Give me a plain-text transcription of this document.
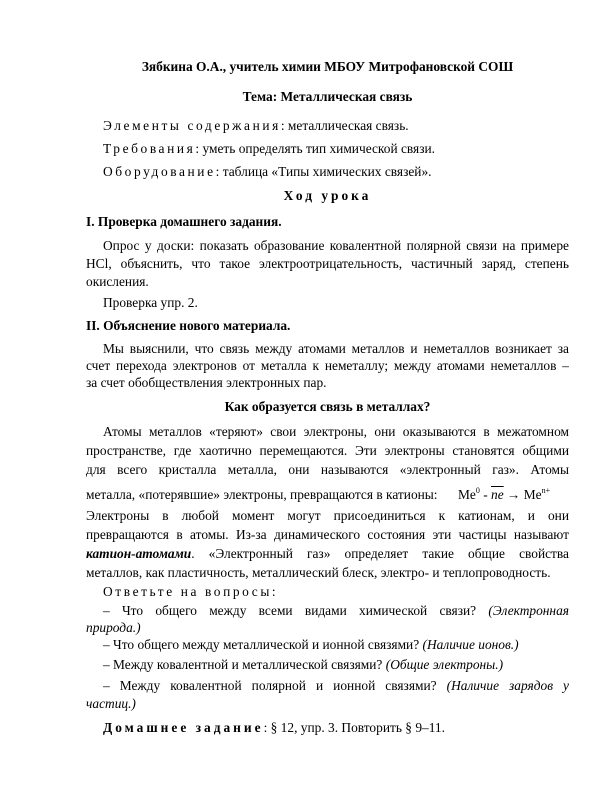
Зябкина О.А., учитель химии МБОУ Митрофановской СОШ
Тема: Металлическая связь
Элементы содержания: металлическая связь.
Требования: уметь определять тип химической связи.
Оборудование: таблица «Типы химических связей».
Ход урока
I. Проверка домашнего задания.
Опрос у доски: показать образование ковалентной полярной связи на примере
HCl, объяснить, что такое электроотрицательность, частичный заряд, степень
окисления.
Проверка упр. 2.
II. Объяснение нового материала.
Мы выяснили, что связь между атомами металлов и неметаллов возникает за
счет перехода электронов от металла к неметаллу; между атомами неметаллов –
за счет обобществления электронных пар.
Как образуется связь в металлах?
Атомы металлов «теряют» свои электроны, они оказываются в межатомном
пространстве, где хаотично перемещаются. Эти электроны становятся общими
для всего кристалла металла, они называются «электронный газ». Атомы
металла, «потерявшие» электроны, превращаются в катионы: $Me^0 - \overline{ne} \to Me^{n+}$
Электроны в любой момент могут присоединиться к катионам, и они
превращаются в атомы. Из-за динамического состояния эти частицы называют
катион-атомами. «Электронный газ» определяет такие общие свойства
металлов, как пластичность, металлический блеск, электро- и теплопроводность.
Ответьте на вопросы:
– Что общего между всеми видами химической связи? (Электронная
природа.)
– Что общего между металлической и ионной связями? (Наличие ионов.)
– Между ковалентной и металлической связями? (Общие электроны.)
– Между ковалентной полярной и ионной связями? (Наличие зарядов у
частиц.)
Домашнее задание: § 12, упр. 3. Повторить § 9–11.
